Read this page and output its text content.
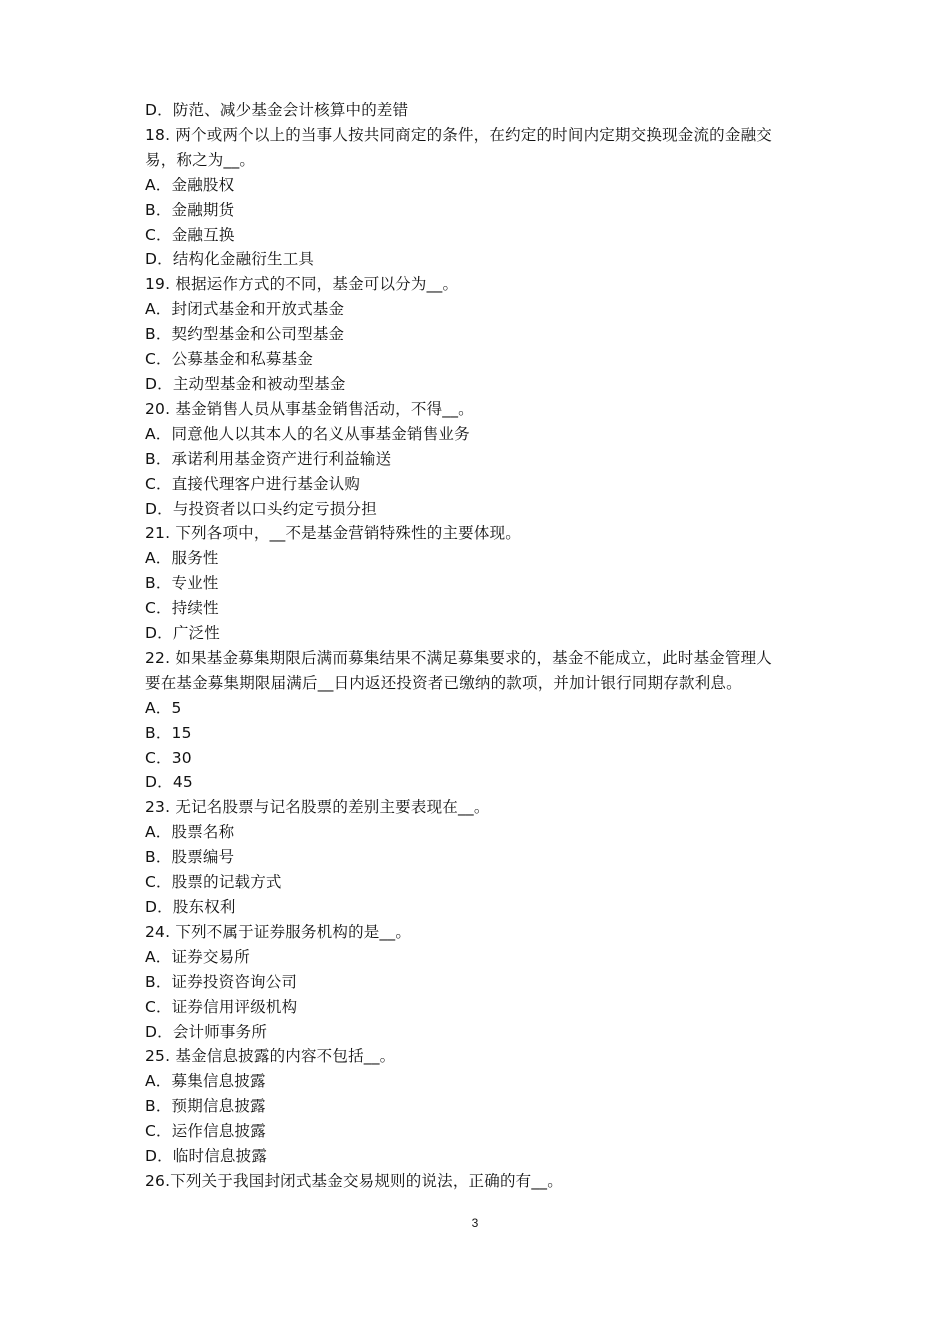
D．防范、减少基金会计核算中的差错
18. 两个或两个以上的当事人按共同商定的条件，在约定的时间内定期交换现金流的金融交
易，称之为__。
A．金融股权
B．金融期货
C．金融互换
D．结构化金融衍生工具
19. 根据运作方式的不同，基金可以分为__。
A．封闭式基金和开放式基金
B．契约型基金和公司型基金
C．公募基金和私募基金
D．主动型基金和被动型基金
20. 基金销售人员从事基金销售活动，不得__。
A．同意他人以其本人的名义从事基金销售业务
B．承诺利用基金资产进行利益输送
C．直接代理客户进行基金认购
D．与投资者以口头约定亏损分担
21. 下列各项中，__不是基金营销特殊性的主要体现。
A．服务性
B．专业性
C．持续性
D．广泛性
22. 如果基金募集期限后满而募集结果不满足募集要求的，基金不能成立，此时基金管理人
要在基金募集期限届满后__日内返还投资者已缴纳的款项，并加计银行同期存款利息。
A．5
B．15
C．30
D．45
23. 无记名股票与记名股票的差别主要表现在__。
A．股票名称
B．股票编号
C．股票的记载方式
D．股东权利
24. 下列不属于证券服务机构的是__。
A．证券交易所
B．证券投资咨询公司
C．证券信用评级机构
D．会计师事务所
25. 基金信息披露的内容不包括__。
A．募集信息披露
B．预期信息披露
C．运作信息披露
D．临时信息披露
26.下列关于我国封闭式基金交易规则的说法，正确的有__。
3
